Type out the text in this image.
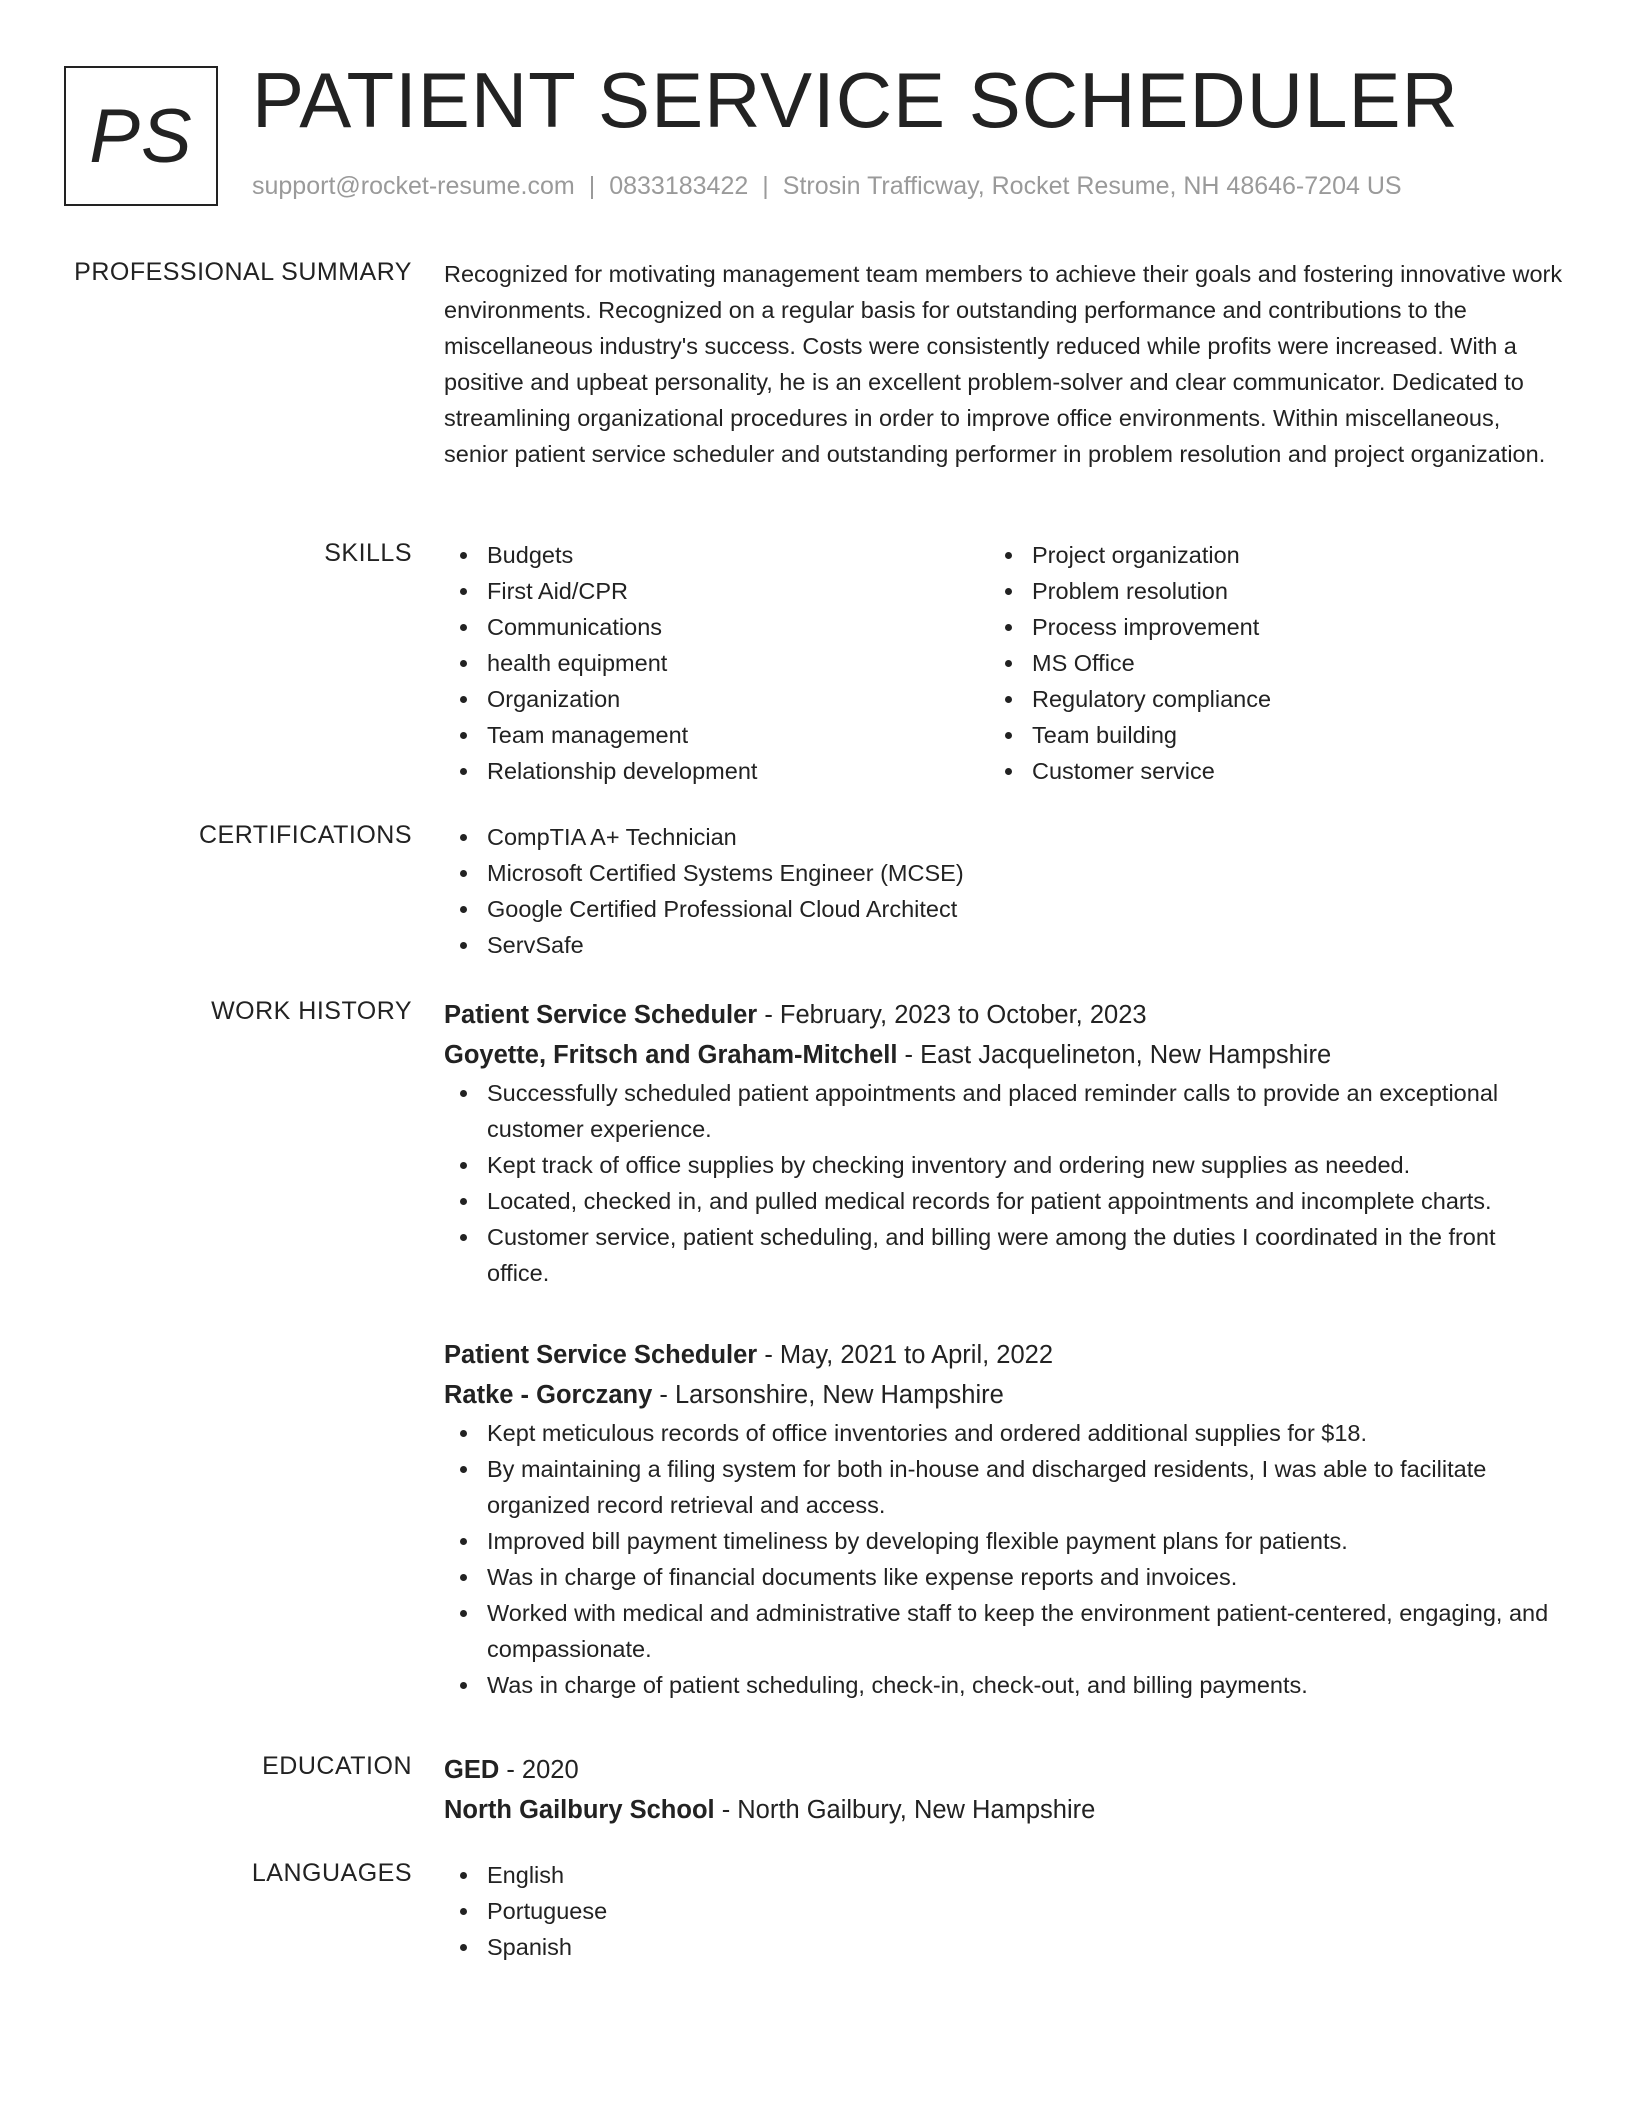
PS PATIENT SERVICE SCHEDULER
support@rocket-resume.com | 0833183422 | Strosin Trafficway, Rocket Resume, NH 48646-7204 US
PROFESSIONAL SUMMARY Recognized for motivating management team members to achieve their goals and fostering innovative work environments. Recognized on a regular basis for outstanding performance and contributions to the miscellaneous industry's success. Costs were consistently reduced while profits were increased. With a positive and upbeat personality, he is an excellent problem-solver and clear communicator. Dedicated to streamlining organizational procedures in order to improve office environments. Within miscellaneous, senior patient service scheduler and outstanding performer in problem resolution and project organization.

SKILLS	Budgets
First Aid/CPR
Communications
health equipment
Organization
Team management
Relationship development
Project organization
Problem resolution
Process improvement
MS Office
Regulatory compliance
Team building
Customer service
CERTIFICATIONS	CompTIA A+ Technician
Microsoft Certified Systems Engineer (MCSE)
Google Certified Professional Cloud Architect
ServSafe
WORK HISTORY Patient Service Scheduler - February, 2023 to October, 2023
Goyette, Fritsch and Graham-Mitchell - East Jacquelineton, New Hampshire
Successfully scheduled patient appointments and placed reminder calls to provide an exceptional customer experience.
Kept track of office supplies by checking inventory and ordering new supplies as needed.
Located, checked in, and pulled medical records for patient appointments and incomplete charts.
Customer service, patient scheduling, and billing were among the duties I coordinated in the front office.
Patient Service Scheduler - May, 2021 to April, 2022
Ratke - Gorczany - Larsonshire, New Hampshire
Kept meticulous records of office inventories and ordered additional supplies for $18.
By maintaining a filing system for both in-house and discharged residents, I was able to facilitate organized record retrieval and access.
Improved bill payment timeliness by developing flexible payment plans for patients.
Was in charge of financial documents like expense reports and invoices.
Worked with medical and administrative staff to keep the environment patient-centered, engaging, and compassionate.
Was in charge of patient scheduling, check-in, check-out, and billing payments.
EDUCATION GED - 2020
North Gailbury School - North Gailbury, New Hampshire
LANGUAGES	English
Portuguese
Spanish
